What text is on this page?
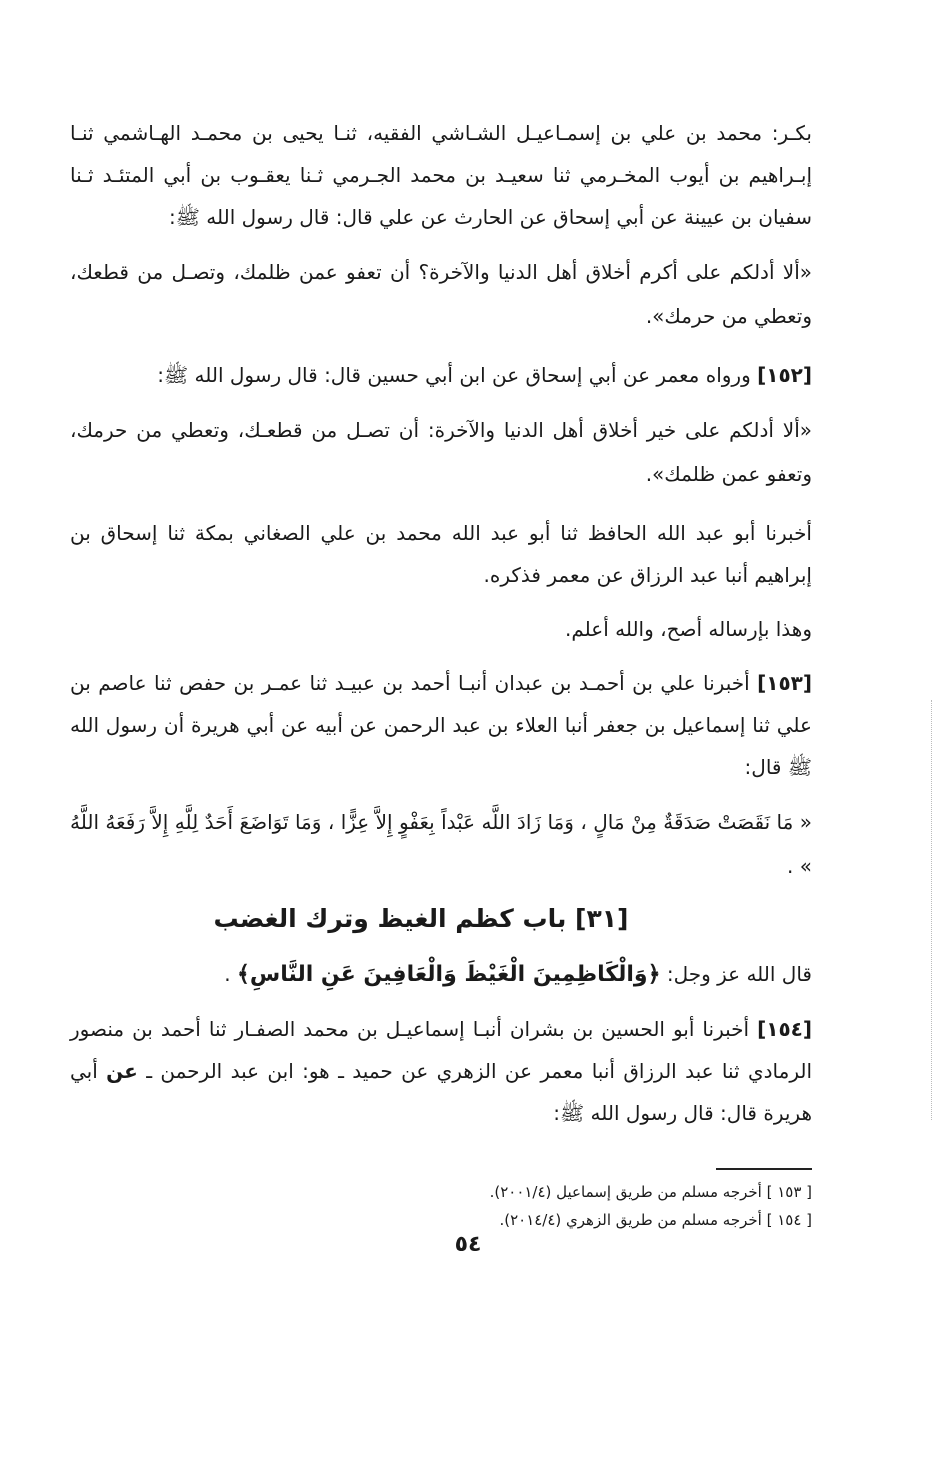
بكـر: محمد بن علي بن إسمـاعيـل الشـاشي الفقيه، ثنـا يحيى بن محمـد الهـاشمي ثنـا إبـراهيم بن أيوب المخـرمي ثنا سعيـد بن محمد الجـرمي ثـنا يعقـوب بن أبي المتئـد ثـنا سفيان بن عيينة عن أبي إسحاق عن الحارث عن علي قال: قال رسول الله ﷺ:

«ألا أدلكم على أكرم أخلاق أهل الدنيا والآخرة؟ أن تعفو عمن ظلمك، وتصـل من قطعك، وتعطي من حرمك».

[١٥٢] ورواه معمر عن أبي إسحاق عن ابن أبي حسين قال: قال رسول الله ﷺ:

«ألا أدلكم على خير أخلاق أهل الدنيا والآخرة: أن تصـل من قطعـك، وتعطي من حرمك، وتعفو عمن ظلمك».

أخبرنا أبو عبد الله الحافظ ثنا أبو عبد الله محمد بن علي الصغاني بمكة ثنا إسحاق بن إبراهيم أنبا عبد الرزاق عن معمر فذكره.

وهذا بإرساله أصح، والله أعلم.

[١٥٣] أخبرنا علي بن أحمـد بن عبدان أنبـا أحمد بن عبيـد ثنا عمـر بن حفص ثنا عاصم بن علي ثنا إسماعيل بن جعفر أنبا العلاء بن عبد الرحمن عن أبيه عن أبي هريرة أن رسول الله ﷺ قال:

« مَا نَقَصَتْ صَدَقَةٌ مِنْ مَالٍ ، وَمَا زَادَ اللَّه عَبْداً بِعَفْوٍ إِلاَّ عِزًّا ، وَمَا تَوَاضَعَ أَحَدٌ لِلَّهِ إِلاَّ رَفَعَهُ اللَّهُ » .

[٣١] باب كظم الغيظ وترك الغضب

قال الله عز وجل: ﴿وَالْكَاظِمِينَ الْغَيْظَ وَالْعَافِينَ عَنِ النَّاسِ﴾ .

[١٥٤] أخبرنا أبو الحسين بن بشران أنبـا إسماعيـل بن محمد الصفـار ثنا أحمد بن منصور الرمادي ثنا عبد الرزاق أنبا معمر عن الزهري عن حميد ـ هو: ابن عبد الرحمن ـ عن أبي هريرة قال: قال رسول الله ﷺ:

[ ١٥٣ ] أخرجه مسلم من طريق إسماعيل (٢٠٠١/٤).

[ ١٥٤ ] أخرجه مسلم من طريق الزهري (٢٠١٤/٤).

٥٤
